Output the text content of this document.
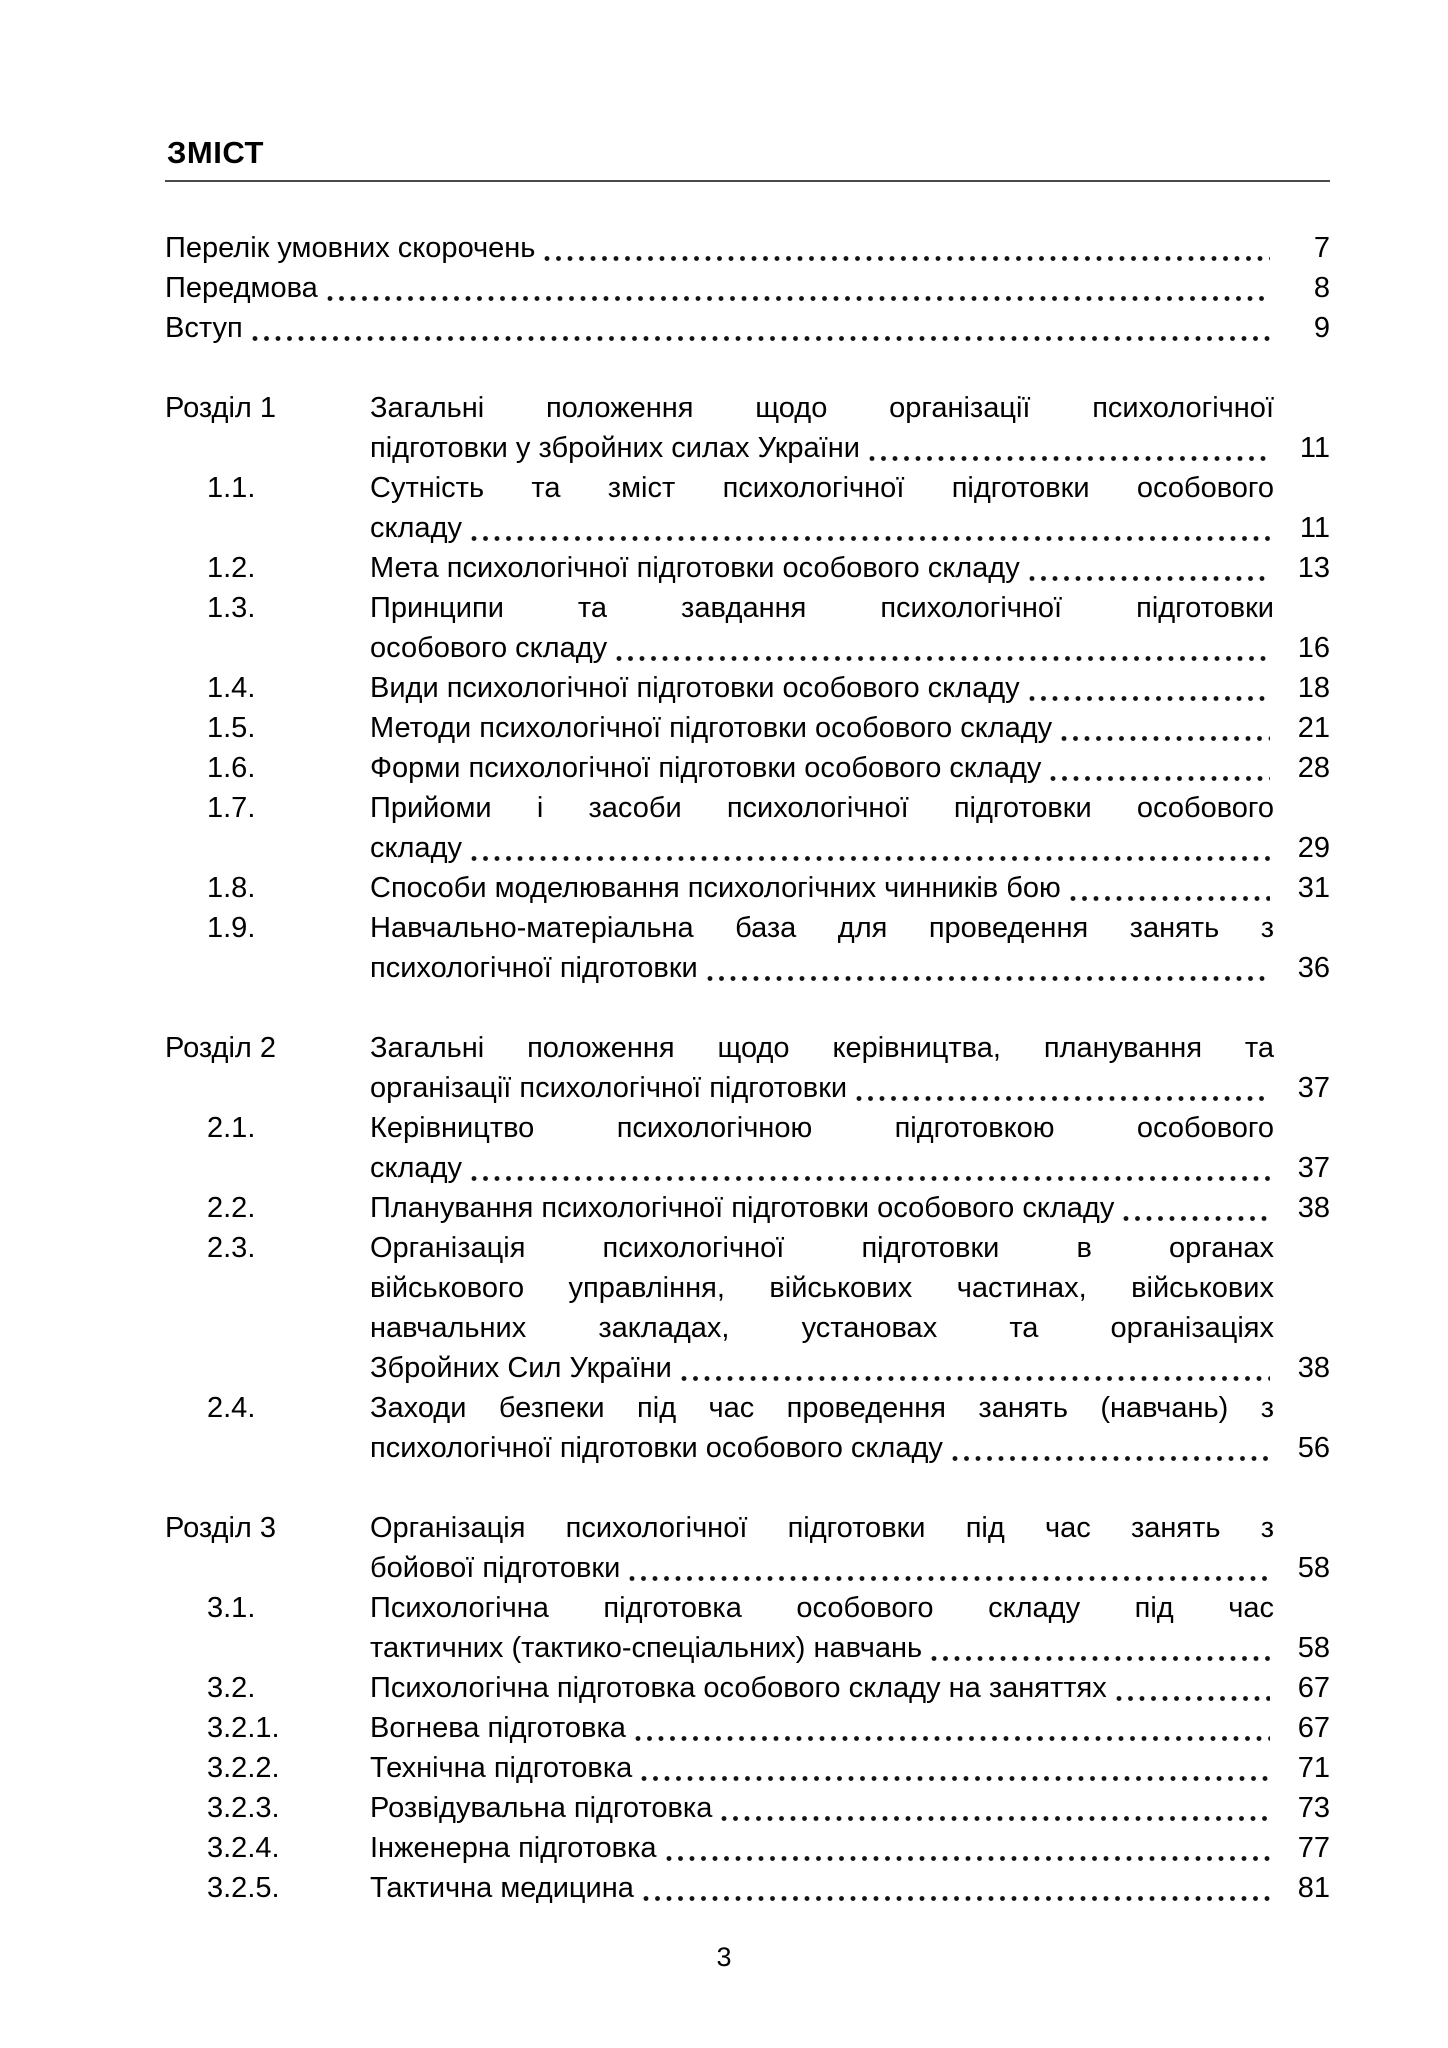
ЗМІСТ
Перелік умовних скорочень	7
Передмова	8
Вступ	9
Розділ 1	Загальні положення щодо організації психологічної
підготовки у збройних силах України	11
1.1.	Сутність та зміст психологічної підготовки особового
складу	11
1.2.	Мета психологічної підготовки особового складу	13
1.3.	Принципи та завдання психологічної підготовки
особового складу	16
1.4.	Види психологічної підготовки особового складу	18
1.5.	Методи психологічної підготовки особового складу	21
1.6.	Форми психологічної підготовки особового складу	28
1.7.	Прийоми і засоби психологічної підготовки особового
складу	29
1.8.	Способи моделювання психологічних чинників бою	31
1.9.	Навчально-матеріальна база для проведення занять з
психологічної підготовки	36
Розділ 2	Загальні положення щодо керівництва, планування та
організації психологічної підготовки	37
2.1.	Керівництво психологічною підготовкою особового
складу	37
2.2.	Планування психологічної підготовки особового складу	38
2.3.	Організація психологічної підготовки в органах
військового управління, військових частинах, військових
навчальних закладах, установах та організаціях
Збройних Сил України	38
2.4.	Заходи безпеки під час проведення занять (навчань) з
психологічної підготовки особового складу	56
Розділ 3	Організація психологічної підготовки під час занять з
бойової підготовки	58
3.1.	Психологічна підготовка особового складу під час
тактичних (тактико-спеціальних) навчань	58
3.2.	Психологічна підготовка особового складу на заняттях	67
3.2.1.	Вогнева підготовка	67
3.2.2.	Технічна підготовка	71
3.2.3.	Розвідувальна підготовка	73
3.2.4.	Інженерна підготовка	77
3.2.5.	Тактична медицина	81
3
